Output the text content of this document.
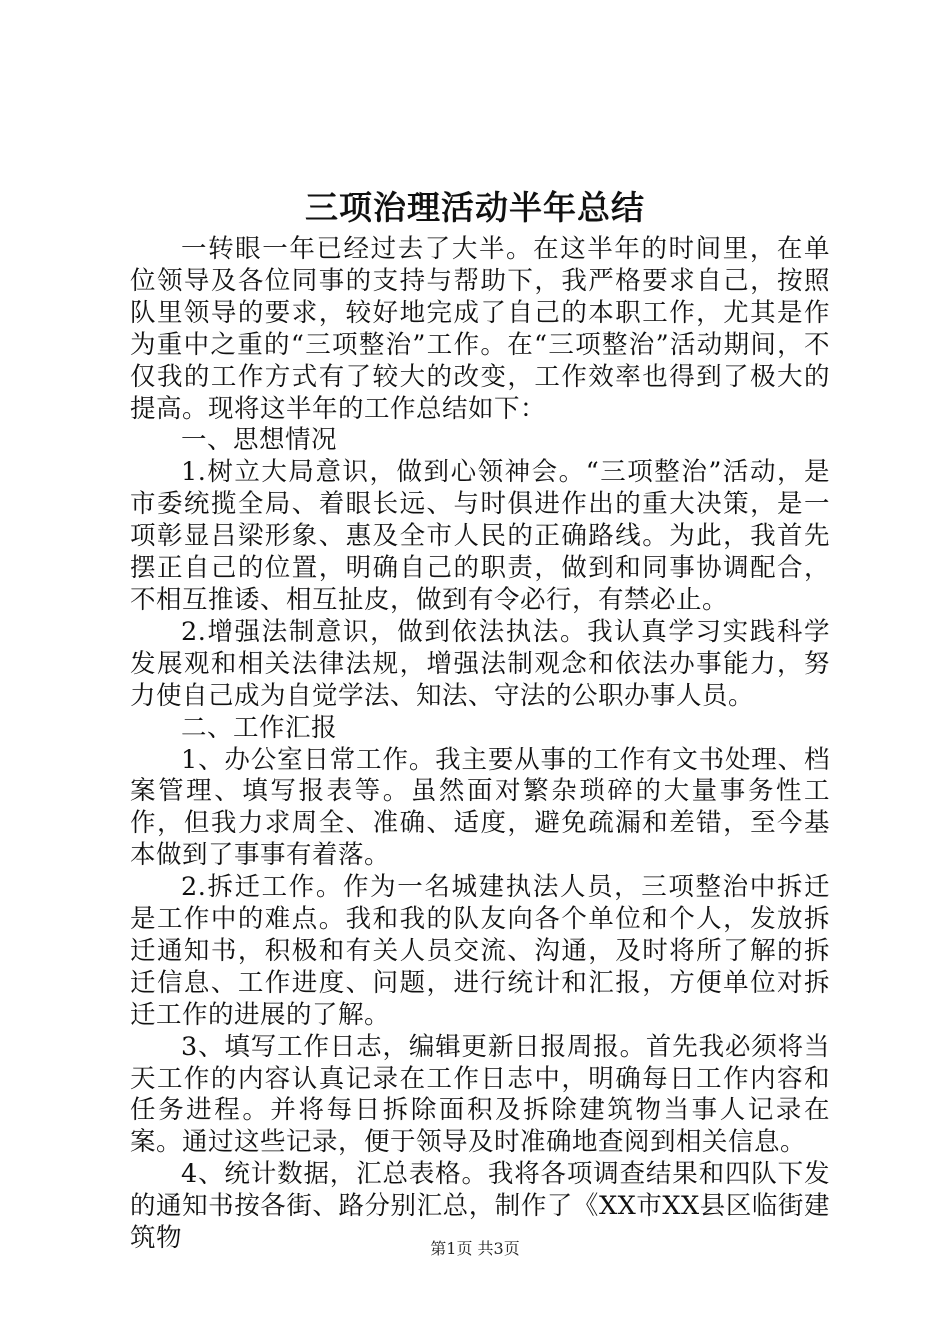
三项治理活动半年总结

一转眼一年已经过去了大半。在这半年的时间里，在单位领导及各位同事的支持与帮助下，我严格要求自己，按照队里领导的要求，较好地完成了自己的本职工作，尤其是作为重中之重的“三项整治”工作。在“三项整治”活动期间，不仅我的工作方式有了较大的改变，工作效率也得到了极大的提高。现将这半年的工作总结如下：

一、思想情况

1.树立大局意识，做到心领神会。“三项整治”活动，是市委统揽全局、着眼长远、与时俱进作出的重大决策，是一项彰显吕梁形象、惠及全市人民的正确路线。为此，我首先摆正自己的位置，明确自己的职责，做到和同事协调配合，不相互推诿、相互扯皮，做到有令必行，有禁必止。

2.增强法制意识，做到依法执法。我认真学习实践科学发展观和相关法律法规，增强法制观念和依法办事能力，努力使自己成为自觉学法、知法、守法的公职办事人员。

二、工作汇报

1、办公室日常工作。我主要从事的工作有文书处理、档案管理、填写报表等。虽然面对繁杂琐碎的大量事务性工作，但我力求周全、准确、适度，避免疏漏和差错，至今基本做到了事事有着落。

2.拆迁工作。作为一名城建执法人员，三项整治中拆迁是工作中的难点。我和我的队友向各个单位和个人，发放拆迁通知书，积极和有关人员交流、沟通，及时将所了解的拆迁信息、工作进度、问题，进行统计和汇报，方便单位对拆迁工作的进展的了解。

3、填写工作日志，编辑更新日报周报。首先我必须将当天工作的内容认真记录在工作日志中，明确每日工作内容和任务进程。并将每日拆除面积及拆除建筑物当事人记录在案。通过这些记录，便于领导及时准确地查阅到相关信息。

4、统计数据，汇总表格。我将各项调查结果和四队下发的通知书按各街、路分别汇总，制作了《XX市XX县区临街建筑物	第1页 共3页
